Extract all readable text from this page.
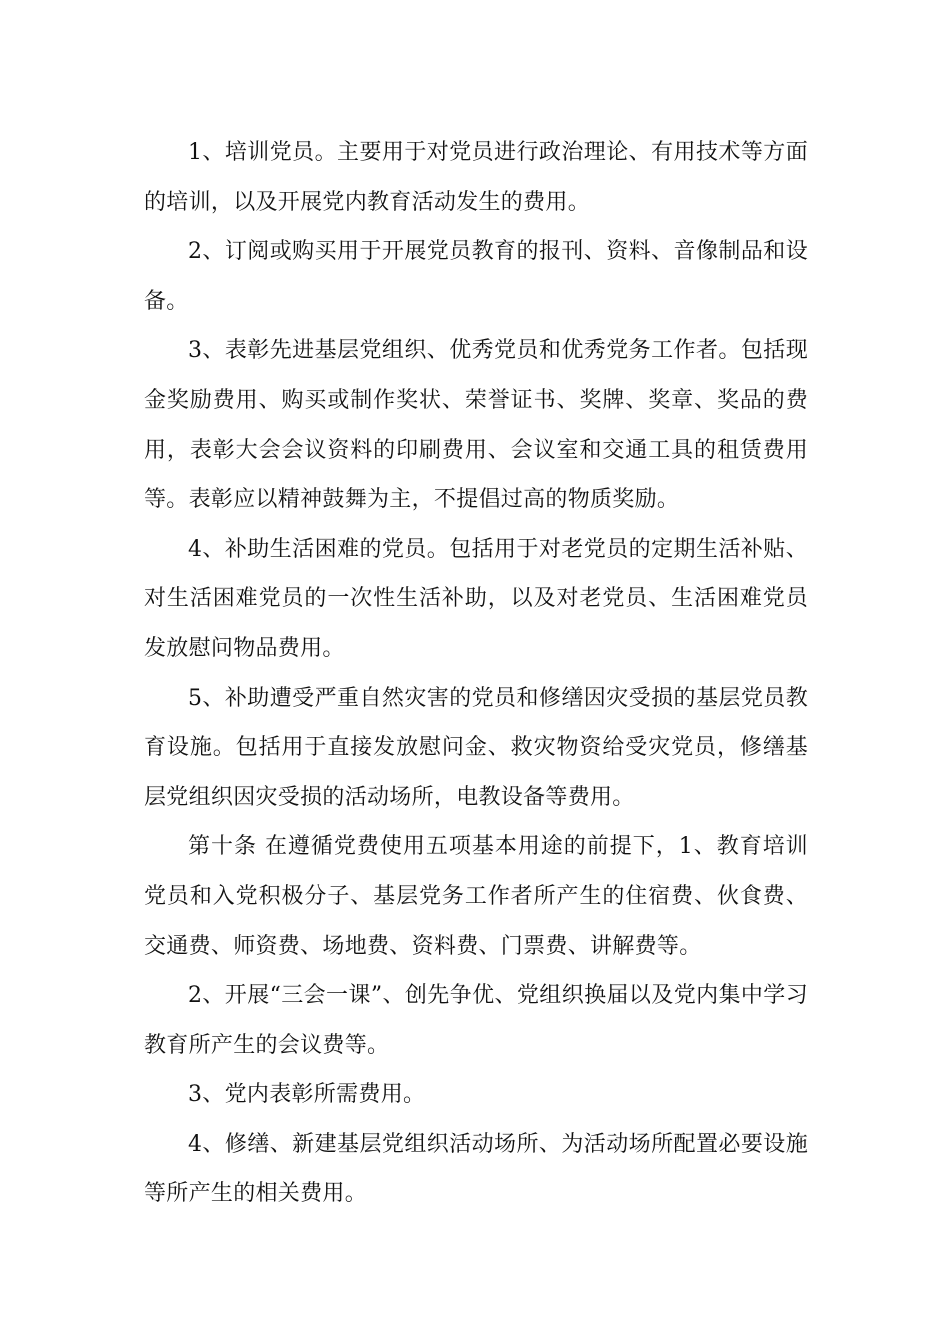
1、培训党员。主要用于对党员进行政治理论、有用技术等方面的培训，以及开展党内教育活动发生的费用。

2、订阅或购买用于开展党员教育的报刊、资料、音像制品和设备。

3、表彰先进基层党组织、优秀党员和优秀党务工作者。包括现金奖励费用、购买或制作奖状、荣誉证书、奖牌、奖章、奖品的费用，表彰大会会议资料的印刷费用、会议室和交通工具的租赁费用等。表彰应以精神鼓舞为主，不提倡过高的物质奖励。

4、补助生活困难的党员。包括用于对老党员的定期生活补贴、对生活困难党员的一次性生活补助，以及对老党员、生活困难党员发放慰问物品费用。

5、补助遭受严重自然灾害的党员和修缮因灾受损的基层党员教育设施。包括用于直接发放慰问金、救灾物资给受灾党员，修缮基层党组织因灾受损的活动场所，电教设备等费用。

第十条 在遵循党费使用五项基本用途的前提下，1、教育培训党员和入党积极分子、基层党务工作者所产生的住宿费、伙食费、交通费、师资费、场地费、资料费、门票费、讲解费等。

2、开展“三会一课”、创先争优、党组织换届以及党内集中学习教育所产生的会议费等。

3、党内表彰所需费用。

4、修缮、新建基层党组织活动场所、为活动场所配置必要设施等所产生的相关费用。
